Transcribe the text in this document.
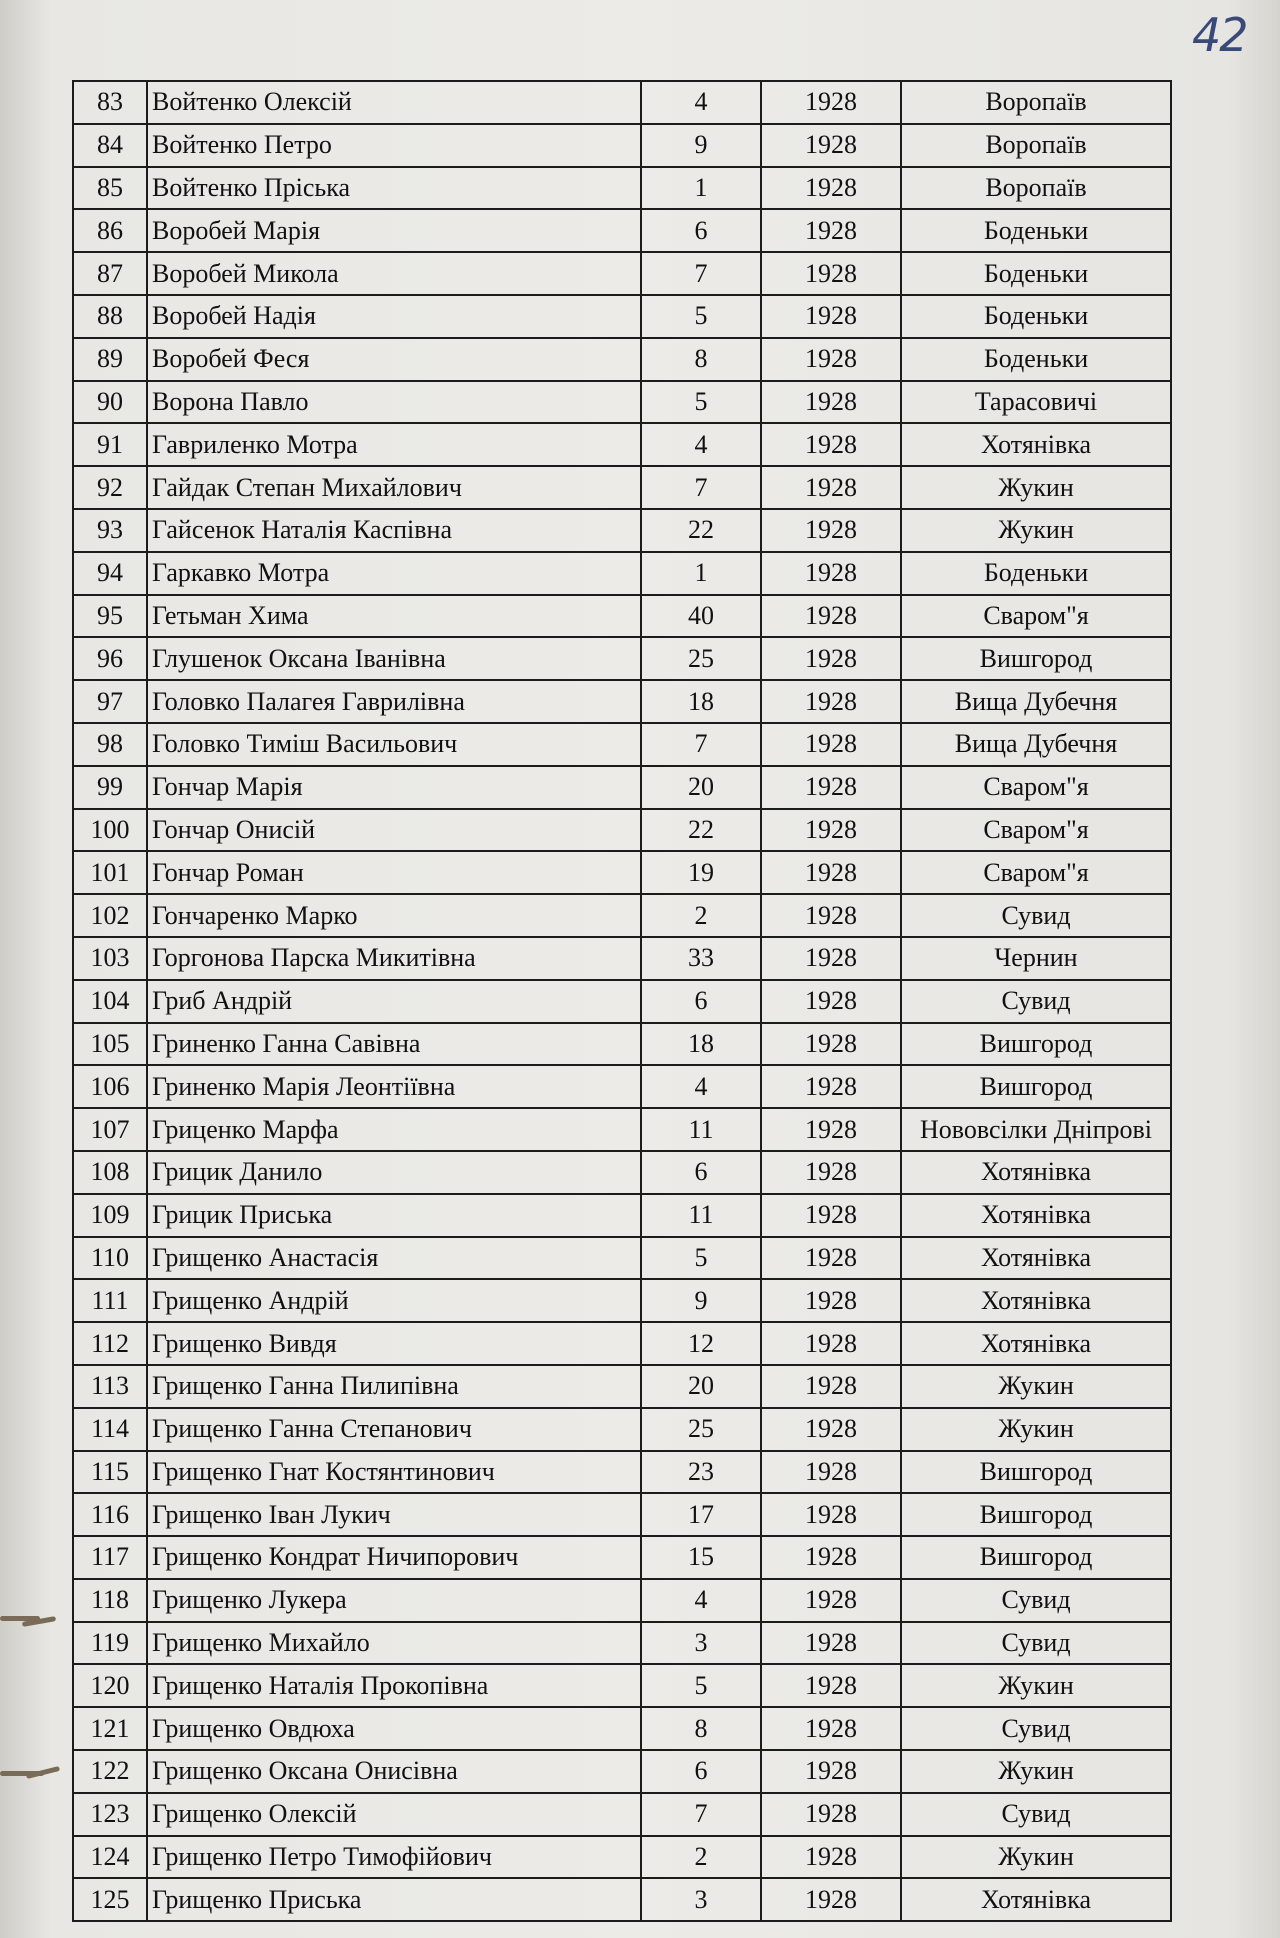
42
83	Войтенко Олексій	4	1928	Воропаїв
84	Войтенко Петро	9	1928	Воропаїв
85	Войтенко Пріська	1	1928	Воропаїв
86	Воробей Марія	6	1928	Боденьки
87	Воробей Микола	7	1928	Боденьки
88	Воробей Надія	5	1928	Боденьки
89	Воробей Феся	8	1928	Боденьки
90	Ворона Павло	5	1928	Тарасовичі
91	Гавриленко Мотра	4	1928	Хотянівка
92	Гайдак Степан Михайлович	7	1928	Жукин
93	Гайсенок Наталія Каспівна	22	1928	Жукин
94	Гаркавко Мотра	1	1928	Боденьки
95	Гетьман Хима	40	1928	Сваром"я
96	Глушенок Оксана Іванівна	25	1928	Вишгород
97	Головко Палагея Гаврилівна	18	1928	Вища Дубечня
98	Головко Тиміш Васильович	7	1928	Вища Дубечня
99	Гончар Марія	20	1928	Сваром"я
100	Гончар Онисій	22	1928	Сваром"я
101	Гончар Роман	19	1928	Сваром"я
102	Гончаренко Марко	2	1928	Сувид
103	Горгонова Парска Микитівна	33	1928	Чернин
104	Гриб Андрій	6	1928	Сувид
105	Гриненко Ганна Савівна	18	1928	Вишгород
106	Гриненко Марія Леонтіївна	4	1928	Вишгород
107	Гриценко Марфа	11	1928	Нововсілки Дніпрові
108	Грицик Данило	6	1928	Хотянівка
109	Грицик Приська	11	1928	Хотянівка
110	Грищенко Анастасія	5	1928	Хотянівка
111	Грищенко Андрій	9	1928	Хотянівка
112	Грищенко Вивдя	12	1928	Хотянівка
113	Грищенко Ганна Пилипівна	20	1928	Жукин
114	Грищенко Ганна Степанович	25	1928	Жукин
115	Грищенко Гнат Костянтинович	23	1928	Вишгород
116	Грищенко Іван Лукич	17	1928	Вишгород
117	Грищенко Кондрат Ничипорович	15	1928	Вишгород
118	Грищенко Лукера	4	1928	Сувид
119	Грищенко Михайло	3	1928	Сувид
120	Грищенко Наталія Прокопівна	5	1928	Жукин
121	Грищенко Овдюха	8	1928	Сувид
122	Грищенко Оксана Онисівна	6	1928	Жукин
123	Грищенко Олексій	7	1928	Сувид
124	Грищенко Петро Тимофійович	2	1928	Жукин
125	Грищенко Приська	3	1928	Хотянівка
